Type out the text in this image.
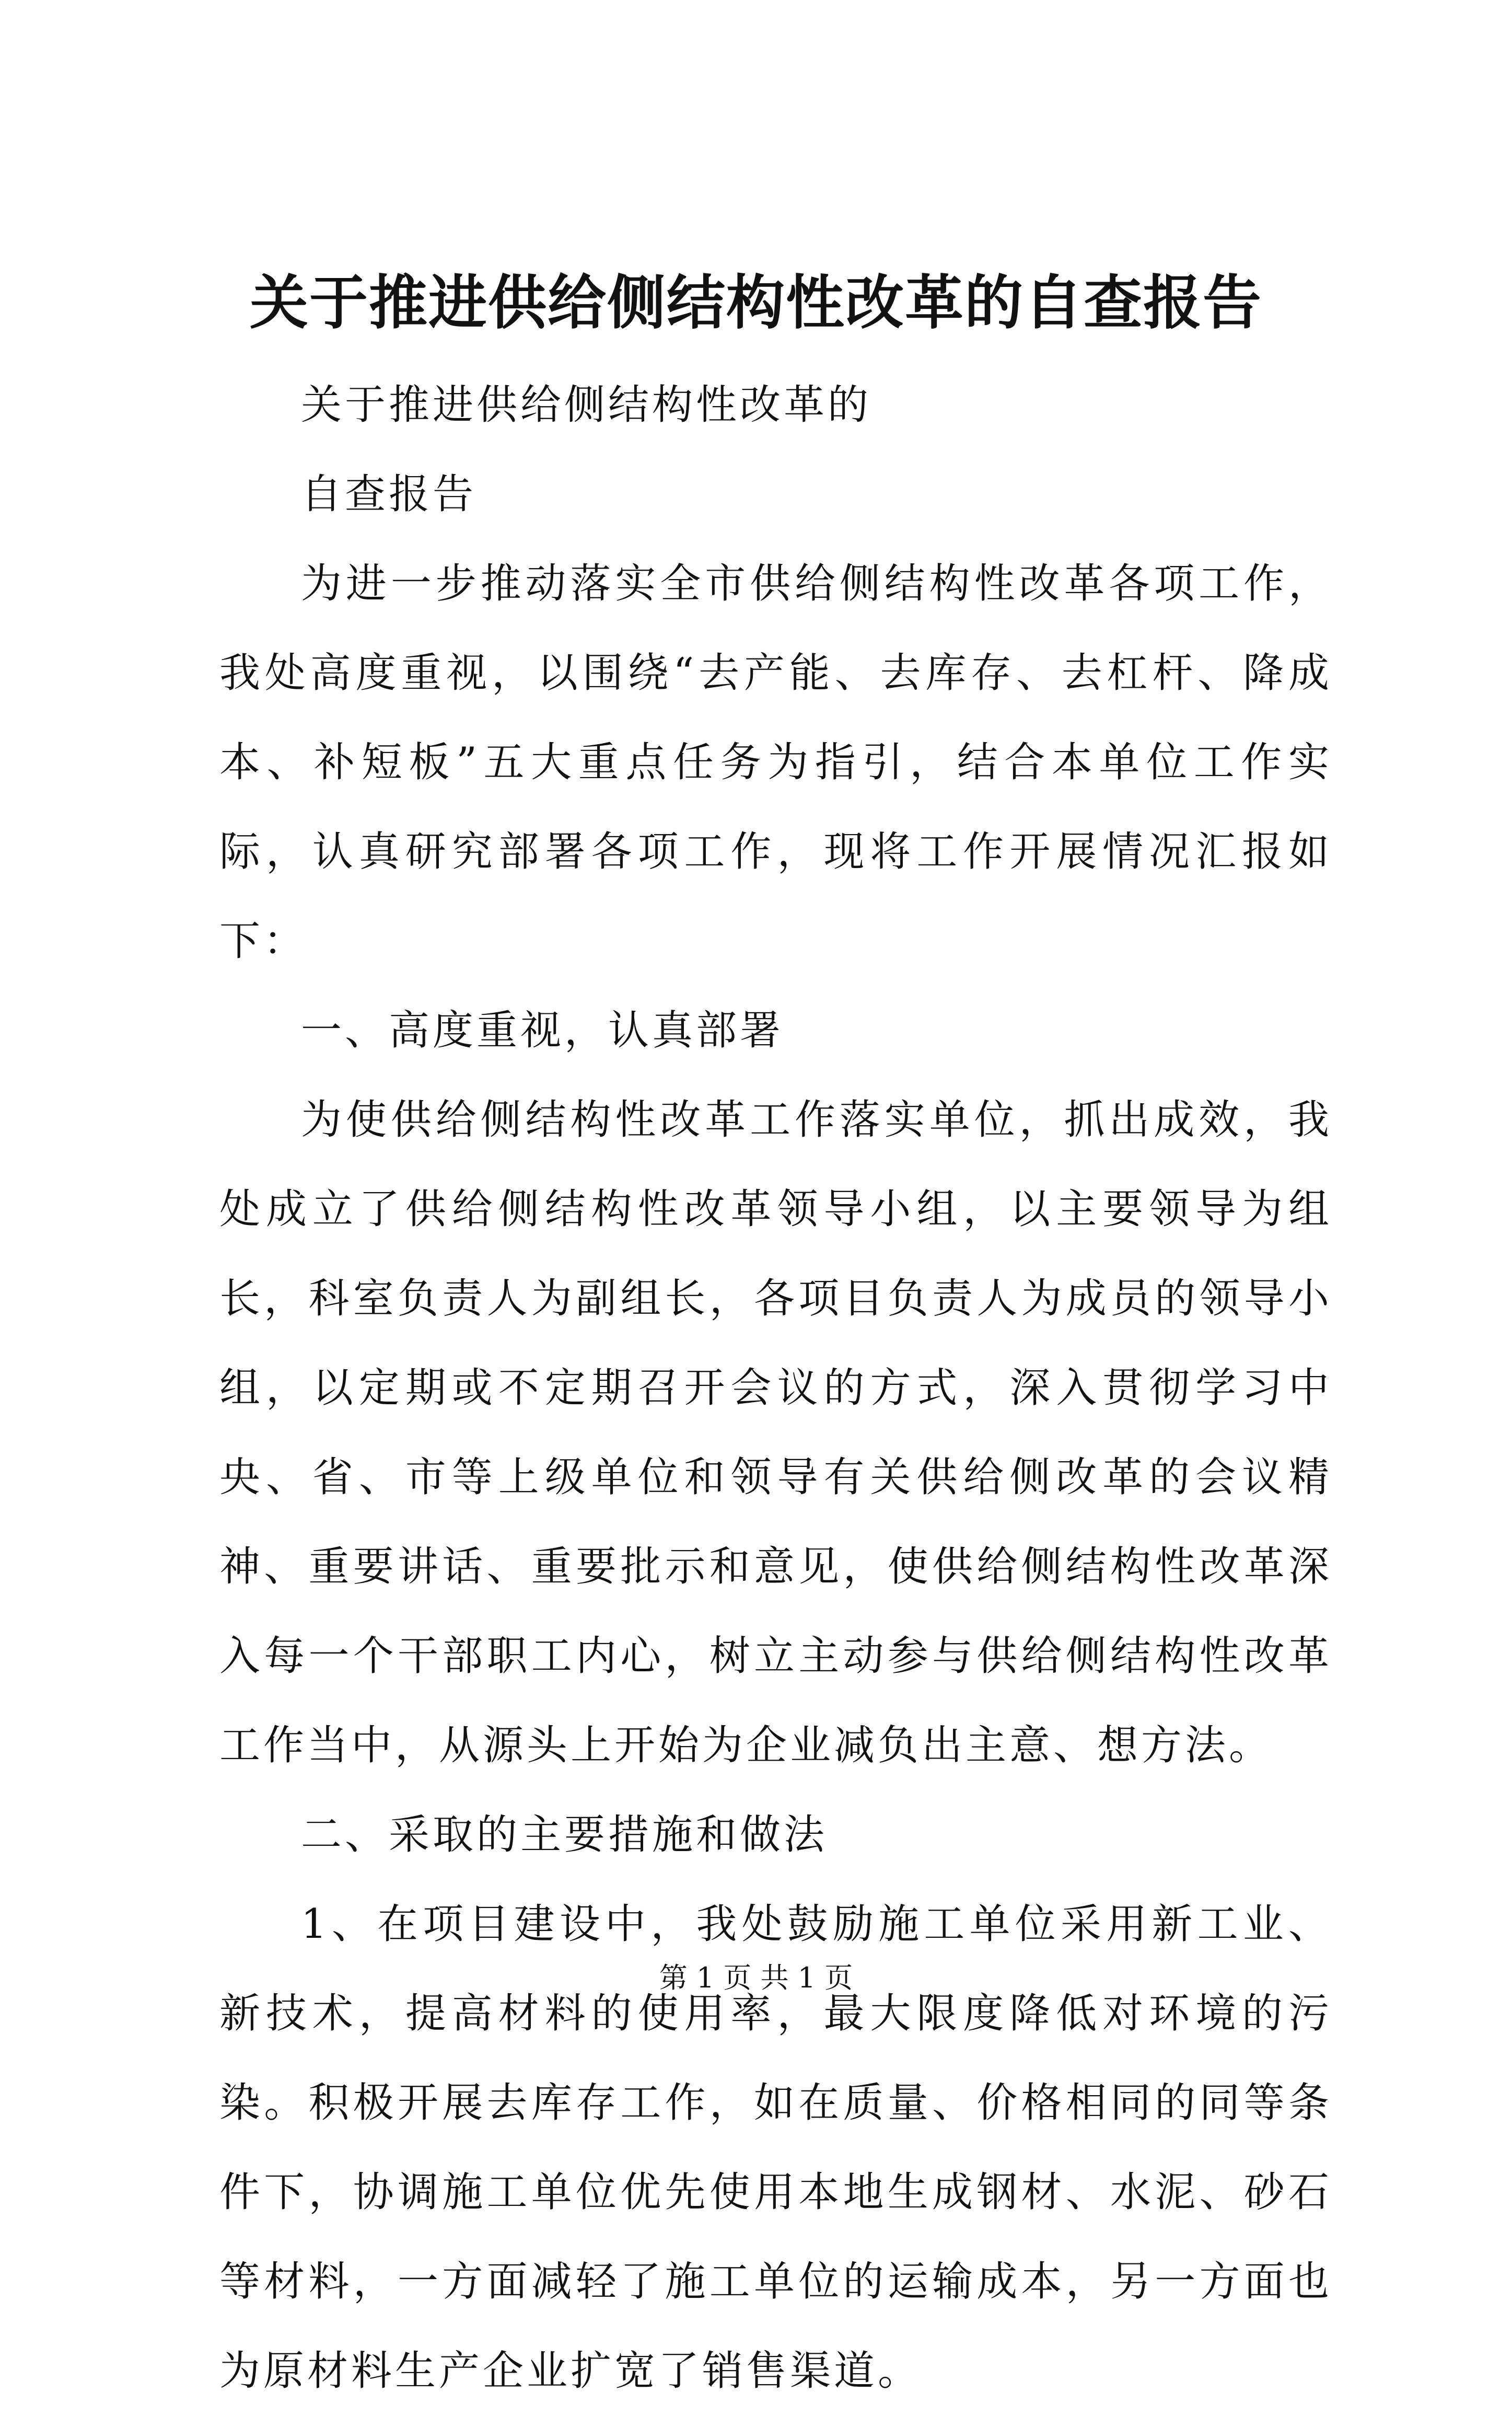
关于推进供给侧结构性改革的自查报告

关于推进供给侧结构性改革的

自查报告

为进一步推动落实全市供给侧结构性改革各项工作，我处高度重视，以围绕“去产能、去库存、去杠杆、降成本、补短板”五大重点任务为指引，结合本单位工作实际，认真研究部署各项工作，现将工作开展情况汇报如下：

一、高度重视，认真部署

为使供给侧结构性改革工作落实单位，抓出成效，我处成立了供给侧结构性改革领导小组，以主要领导为组长，科室负责人为副组长，各项目负责人为成员的领导小组，以定期或不定期召开会议的方式，深入贯彻学习中央、省、市等上级单位和领导有关供给侧改革的会议精神、重要讲话、重要批示和意见，使供给侧结构性改革深入每一个干部职工内心，树立主动参与供给侧结构性改革工作当中，从源头上开始为企业减负出主意、想方法。

二、采取的主要措施和做法

1、在项目建设中，我处鼓励施工单位采用新工业、新技术，提高材料的使用率，最大限度降低对环境的污染。积极开展去库存工作，如在质量、价格相同的同等条件下，协调施工单位优先使用本地生成钢材、水泥、砂石等材料，一方面减轻了施工单位的运输成本，另一方面也为原材料生产企业扩宽了销售渠道。

第 1 页 共 1 页
